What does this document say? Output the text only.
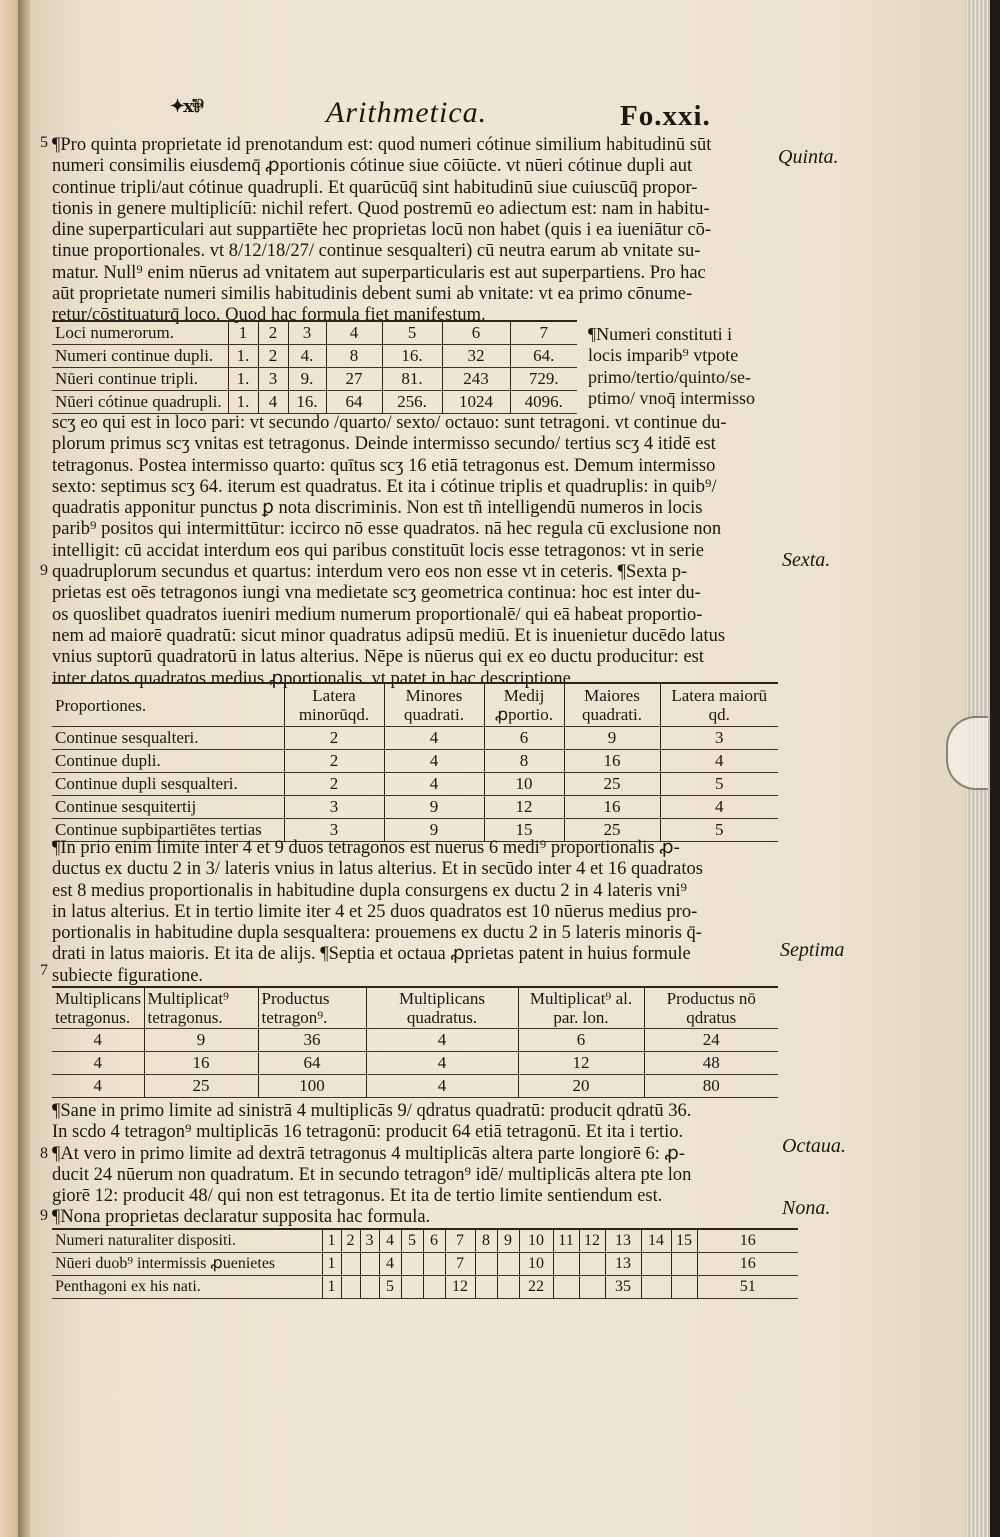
✦ⅹ⅌	Arithmetica.	Fo.xxi.
Quinta.
Sexta.
Septima
Octaua.
Nona.
5
9
7
8
9

¶Pro quinta proprietate id prenotandum est: quod numeri cótinue similium habitudinū sūt

numeri consimilis eiusdemq̄ ꝓportionis cótinue siue cōiūcte. vt nūeri cótinue dupli aut

continue tripli/aut cótinue quadrupli. Et quarūcūq̄ sint habitudinū siue cuiuscūq̄ propor-

tionis in genere multiplicíū: nichil refert. Quod postremū eo adiectum est: nam in habitu-

dine superparticulari aut suppartiēte hec proprietas locū non habet (quis i ea iueniātur cō-

tinue proportionales. vt 8/12/18/27/ continue sesqualteri) cū neutra earum ab vnitate su-

matur. Null⁹ enim nūerus ad vnitatem aut superparticularis est aut superpartiens. Pro hac

aūt proprietate numeri similis habitudinis debent sumi ab vnitate: vt ea primo cōnume-

retur/cōstituaturq̄ loco. Quod hac formula fiet manifestum.

Loci numerorum.	1	2	3	4	5	6	7
Numeri continue dupli.	1.	2	4.	8	16.	32	64.
Nūeri continue tripli.	1.	3	9.	27	81.	243	729.
Nūeri cótinue quadrupli.	1.	4	16.	64	256.	1024	4096.

¶Numeri constituti i

locis imparib⁹ vtpote

primo/tertio/quinto/se-

ptimo/ vnoq̄ intermisso

scʒ eo qui est in loco pari: vt secundo /quarto/ sexto/ octauo: sunt tetragoni. vt continue du-

plorum primus scʒ vnitas est tetragonus. Deinde intermisso secundo/ tertius scʒ 4 itidē est

tetragonus. Postea intermisso quarto: quītus scʒ 16 etiā tetragonus est. Demum intermisso

sexto: septimus scʒ 64. iterum est quadratus. Et ita i cótinue triplis et quadruplis: in quib⁹/

quadratis apponitur punctus ꝑ nota discriminis. Non est tñ intelligendū numeros in locis

parib⁹ positos qui intermittūtur: iccirco nō esse quadratos. nā hec regula cū exclusione non

intelligit: cū accidat interdum eos qui paribus constituūt locis esse tetragonos: vt in serie

quadruplorum secundus et quartus: interdum vero eos non esse vt in ceteris. ¶Sexta p-

prietas est oēs tetragonos iungi vna medietate scʒ geometrica continua: hoc est inter du-

os quoslibet quadratos iueniri medium numerum proportionalē/ qui eā habeat proportio-

nem ad maiorē quadratū: sicut minor quadratus adipsū mediū. Et is inuenietur ducēdo latus

vnius suptorū quadratorū in latus alterius. Nēpe is nūerus qui ex eo ductu producitur: est

inter datos quadratos medius ꝓportionalis. vt patet in hac descriptione.

Proportiones.	Latera minorūqd.	Minores quadrati.	Medij ꝓportio.	Maiores quadrati.	Latera maiorū qd.
Continue sesqualteri.	2	4	6	9	3
Continue dupli.	2	4	8	16	4
Continue dupli sesqualteri.	2	4	10	25	5
Continue sesquitertij	3	9	12	16	4
Continue supbipartiētes tertias	3	9	15	25	5

¶In prio enim limite inter 4 et 9 duos tetragonos est nūerus 6 medi⁹ proportionalis ꝓ-

ductus ex ductu 2 in 3/ lateris vnius in latus alterius. Et in secūdo inter 4 et 16 quadratos

est 8 medius proportionalis in habitudine dupla consurgens ex ductu 2 in 4 lateris vni⁹

in latus alterius. Et in tertio limite iter 4 et 25 duos quadratos est 10 nūerus medius pro-

portionalis in habitudine dupla sesqualtera: prouemens ex ductu 2 in 5 lateris minoris q̄-

drati in latus maioris. Et ita de alijs. ¶Septia et octaua ꝓprietas patent in huius formule

subiecte figuratione.

Multiplicans tetragonus.	Multiplicat⁹ tetragonus.	Productus tetragon⁹.	Multiplicans quadratus.	Multiplicat⁹ al. par. lon.	Productus nō qdratus
4	9	36	4	6	24
4	16	64	4	12	48
4	25	100	4	20	80

¶Sane in primo limite ad sinistrā 4 multiplicās 9/ qdratus quadratū: producit qdratū 36.

In scdo 4 tetragon⁹ multiplicās 16 tetragonū: producit 64 etiā tetragonū. Et ita i tertio.

¶At vero in primo limite ad dextrā tetragonus 4 multiplicās altera parte longiorē 6: ꝓ-

ducit 24 nūerum non quadratum. Et in secundo tetragon⁹ idē/ multiplicās altera pte lon

giorē 12: producit 48/ qui non est tetragonus. Et ita de tertio limite sentiendum est.

¶Nona proprietas declaratur supposita hac formula.

Numeri naturaliter dispositi.	1	2	3	4	5	6	7	8	9	10	11	12	13	14	15	16
Nūeri duob⁹ intermissis ꝓuenietes	1			4			7			10			13			16
Penthagoni ex his nati.	1			5			12			22			35			51
